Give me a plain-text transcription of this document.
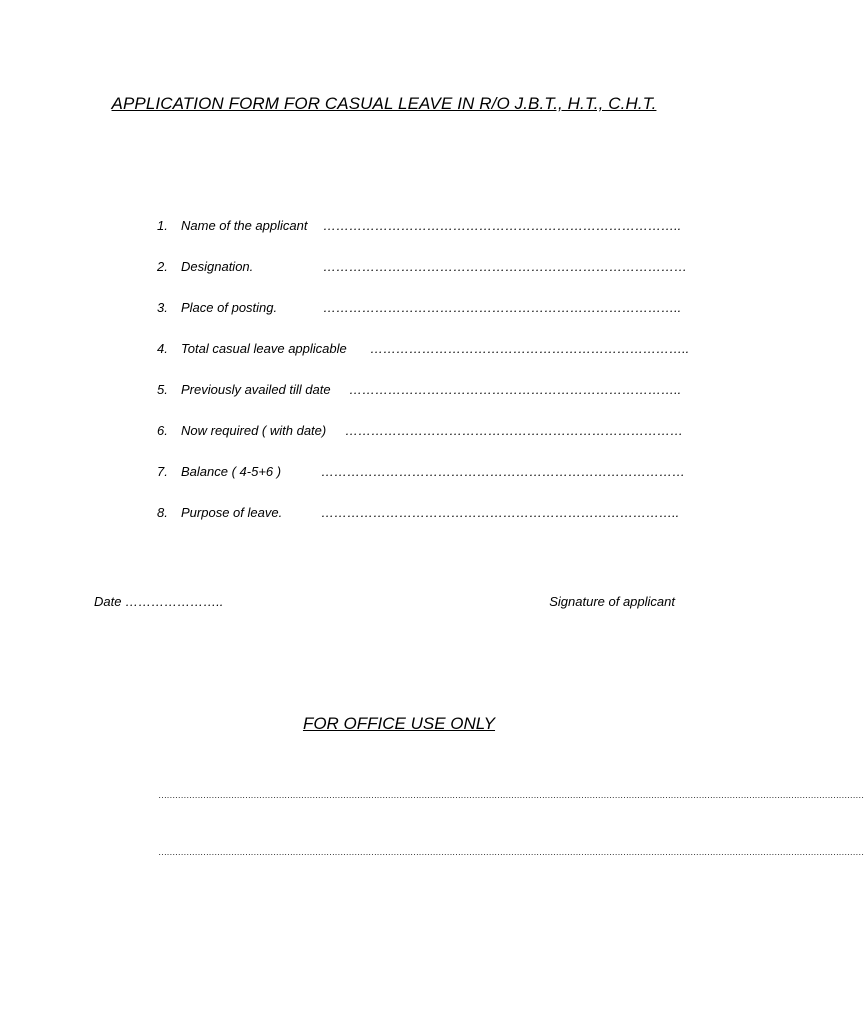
APPLICATION FORM FOR CASUAL LEAVE IN R/O J.B.T., H.T., C.H.T.
1. Name of the applicant ………………………………………………………………………..
2. Designation.	…………………………………………………………………………
3. Place of posting.	………………………………………………………………………..
4. Total casual leave applicable ………………………………………………………………..
5. Previously availed till date …………………………………………………………………..
6. Now required ( with date) ……………………………………………………………………
7. Balance ( 4-5+6 )	…………………………………………………………………………
8. Purpose of leave.	………………………………………………………………………..
Date …………………..	Signature of applicant
FOR OFFICE USE ONLY
………………………………………………………………………………………………………………………………………………………………………………………………………………………………
………………………………………………………………………………………………………………………………………………………………………………………………………………………………
